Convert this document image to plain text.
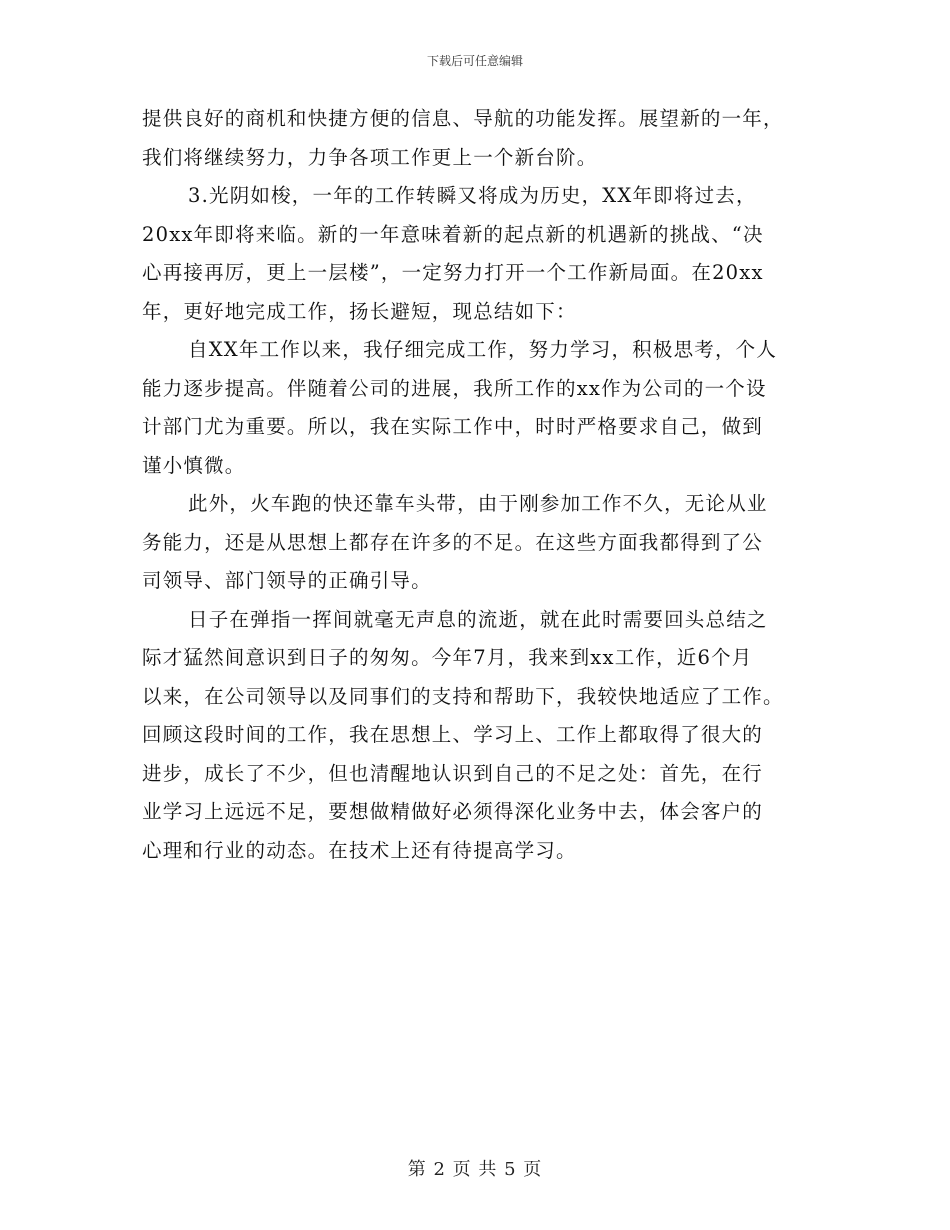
下载后可任意编辑
提供良好的商机和快捷方便的信息、导航的功能发挥。展望新的一年，
我们将继续努力，力争各项工作更上一个新台阶。
3.光阴如梭，一年的工作转瞬又将成为历史，XX年即将过去，
20xx年即将来临。新的一年意味着新的起点新的机遇新的挑战、“决
心再接再厉，更上一层楼”，一定努力打开一个工作新局面。在20xx
年，更好地完成工作，扬长避短，现总结如下：
自XX年工作以来，我仔细完成工作，努力学习，积极思考，个人
能力逐步提高。伴随着公司的进展，我所工作的xx作为公司的一个设
计部门尤为重要。所以，我在实际工作中，时时严格要求自己，做到
谨小慎微。
此外，火车跑的快还靠车头带，由于刚参加工作不久，无论从业
务能力，还是从思想上都存在许多的不足。在这些方面我都得到了公
司领导、部门领导的正确引导。
日子在弹指一挥间就毫无声息的流逝，就在此时需要回头总结之
际才猛然间意识到日子的匆匆。今年7月，我来到xx工作，近6个月
以来，在公司领导以及同事们的支持和帮助下，我较快地适应了工作。
回顾这段时间的工作，我在思想上、学习上、工作上都取得了很大的
进步，成长了不少，但也清醒地认识到自己的不足之处：首先，在行
业学习上远远不足，要想做精做好必须得深化业务中去，体会客户的
心理和行业的动态。在技术上还有待提高学习。
第 2 页 共 5 页
